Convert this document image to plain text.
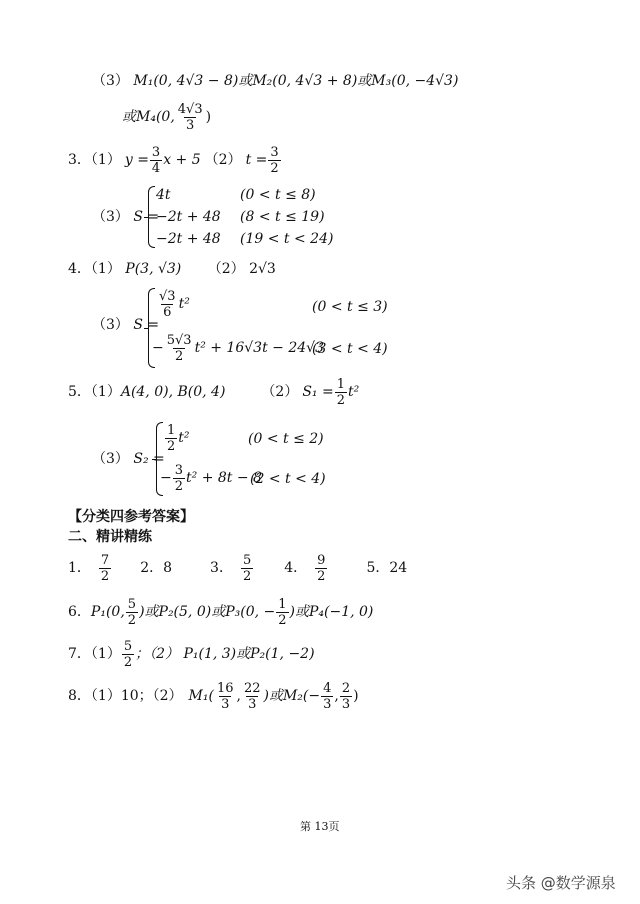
（3） M₁(0, 4√3 − 8)或M₂(0, 4√3 + 8)或M₃(0, −4√3)
或M₄(0, $\frac{4√3}{3}$ )
3．（1） $y = \frac{3}{4}$ x + 5 （2） $t = \frac{3}{2}$
（3） S =
4t	(0 < t ≤ 8)
−2t + 48 (8 < t ≤ 19)
−2t + 48 (19 < t < 24)
4．（1） P(3, √3) （2） 2√3
（3） S =
$\frac{√3}{6} t^2$	(0 < t ≤ 3)
− $\frac{5√3}{2} t^2 + 16√3t - 24√3$
(3 < t < 4)
5．（1） A(4, 0), B(0, 4)	（2） $S_1 = \frac{1}{2} t^2$
（3） S₂ =
$\frac{1}{2} t^2$	(0 < t ≤ 2)
− $\frac{3}{2} t^2 + 8t - 8$
(2 < t < 4)
【分类四参考答案】
二、精讲精练
1． $\frac{7}{2} 2$．8	3． $\frac{5}{2} 4$． $\frac{9}{2}$	5．24
6． P₁(0, $\frac{5}{2}$ )或P₂(5, 0)或P₃(0, − $\frac{1}{2}$ )或P₄(−1, 0)
7．$(1) \frac{5}{2}$ ；（2） P₁(1, 3)或P₂(1, −2)
8．（1）10；（2） $M_1( \frac{16}{3}$ , $\frac{22}{3}$ )或$M_2(- \frac{4}{3}$ , $\frac{2}{3}$ )
第 13页
头条 @数学源泉
